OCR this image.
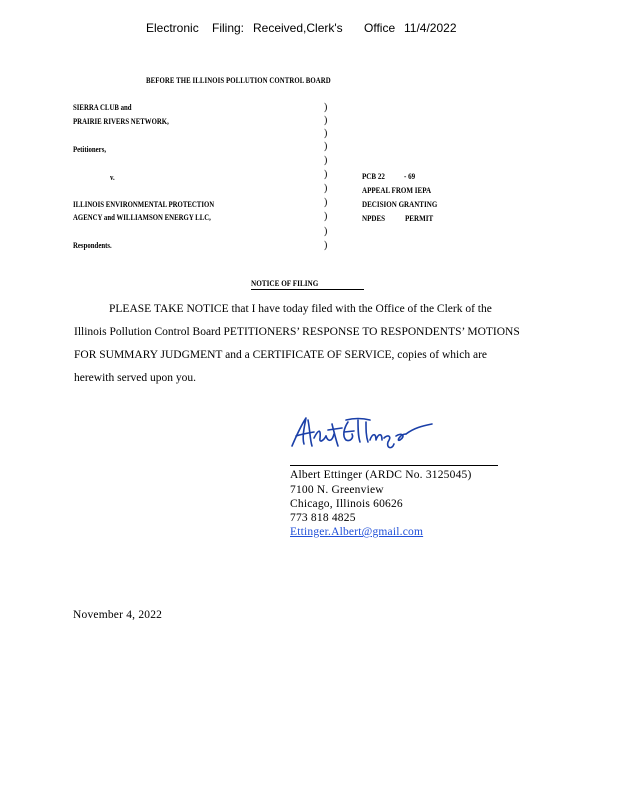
Electronic Filing: Received,Clerk's Office 11/4/2022
BEFORE THE ILLINOIS POLLUTION CONTROL BOARD
SIERRA CLUB and
PRAIRIE RIVERS NETWORK,
Petitioners,
v.
ILLINOIS ENVIRONMENTAL PROTECTION
AGENCY and WILLIAMSON ENERGY LLC,
Respondents.
)
)
)
)
)
)
)
)
)
)
)
PCB 22 - 69
APPEAL FROM IEPA
DECISION GRANTING
NPDES PERMIT
NOTICE OF FILING
PLEASE TAKE NOTICE that I have today filed with the Office of the Clerk of the
Illinois Pollution Control Board PETITIONERS’ RESPONSE TO RESPONDENTS’ MOTIONS
FOR SUMMARY JUDGMENT and a CERTIFICATE OF SERVICE, copies of which are
herewith served upon you.
Albert Ettinger (ARDC No. 3125045)
7100 N. Greenview
Chicago, Illinois 60626
773 818 4825
Ettinger.Albert@gmail.com
November 4, 2022
